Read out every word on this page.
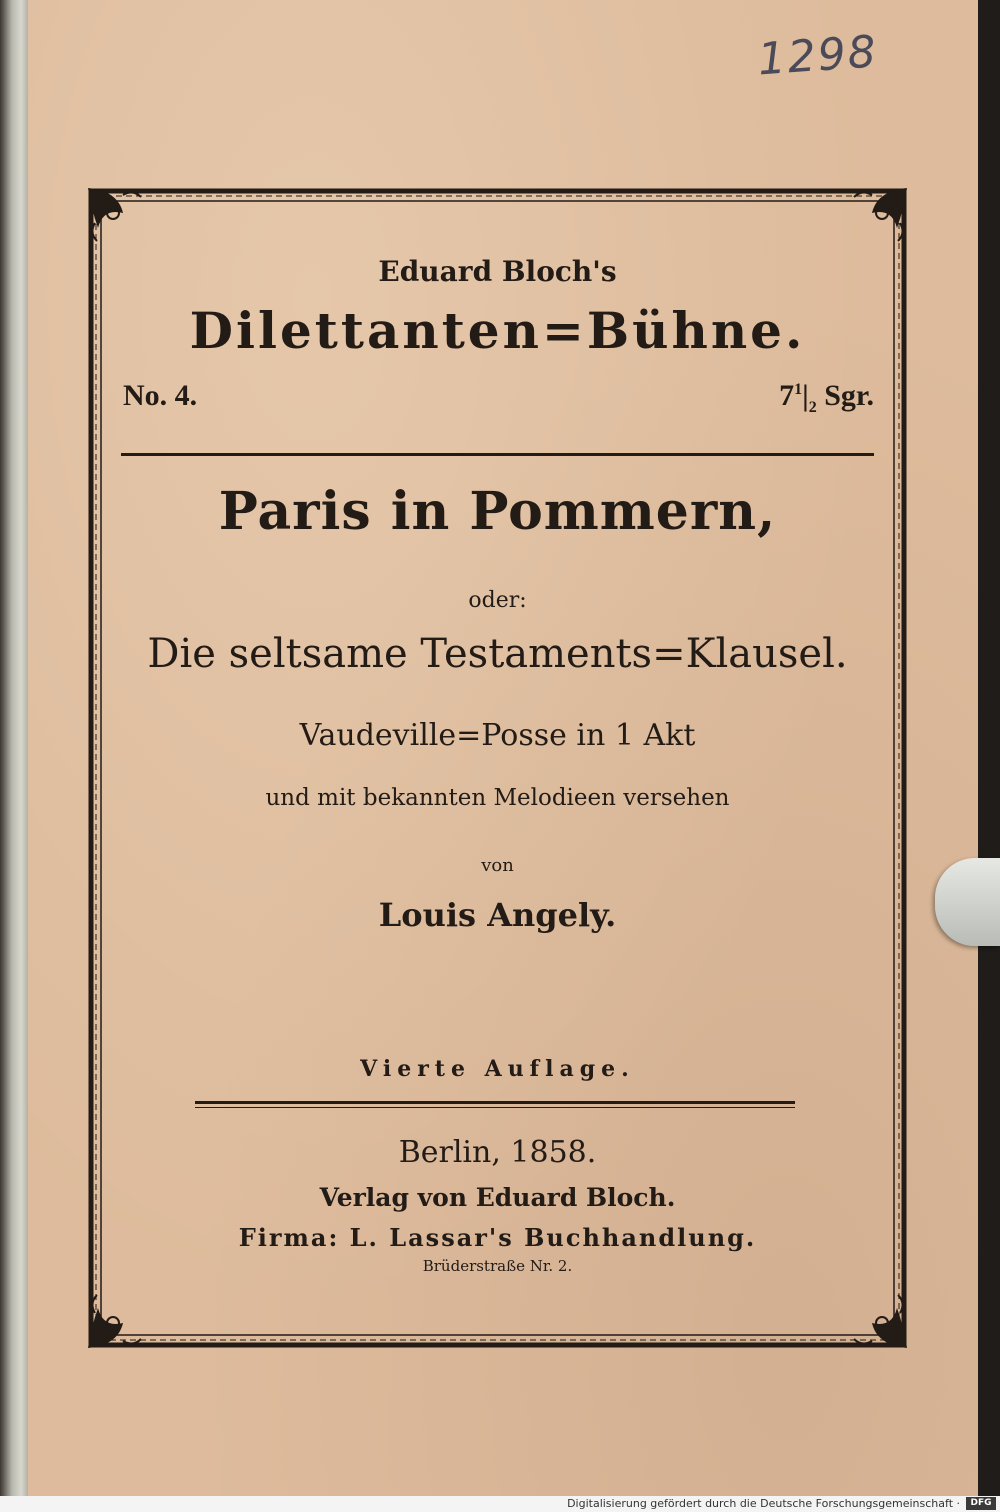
1298
Eduard Bloch's
Dilettanten=Bühne.
No. 4.	$7^1|_2$ Sgr.
Paris in Pommern,
oder:
Die seltsame Testaments=Klausel.
Vaudeville=Posse in 1 Akt
und mit bekannten Melodieen versehen
von
Louis Angely.
Vierte Auflage.
Berlin, 1858.
Verlag von Eduard Bloch.
Firma: L. Lassar's Buchhandlung.
Brüderstraße Nr. 2.
Digitalisierung gefördert durch die Deutsche Forschungsgemeinschaft ·	DFG
